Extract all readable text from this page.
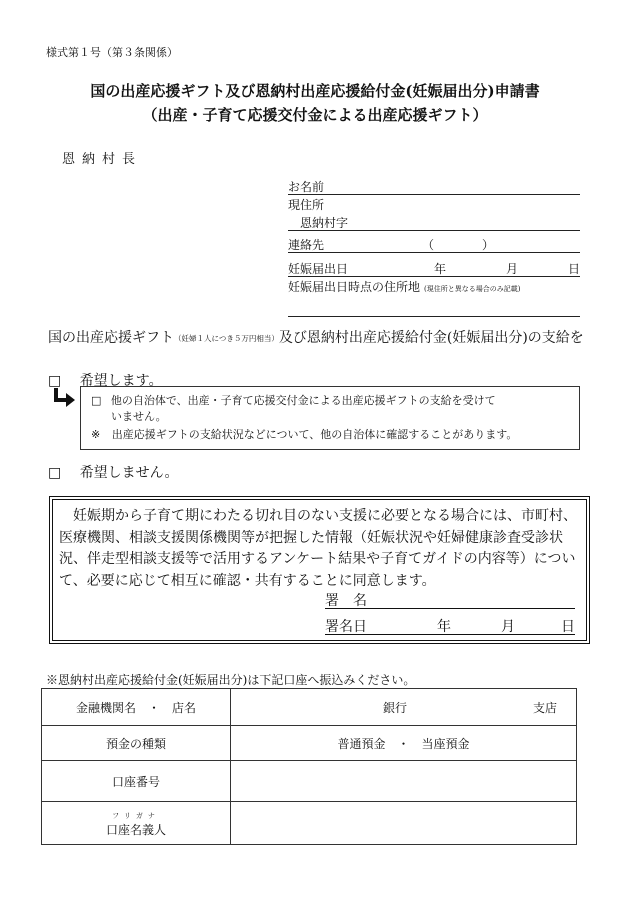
様式第１号（第３条関係）
国の出産応援ギフト及び恩納村出産応援給付金(妊娠届出分)申請書
（出産・子育て応援交付金による出産応援ギフト）
恩納村長
お名前
現住所
恩納村字
連絡先	（	）
妊娠届出日	年	月	日
妊娠届出日時点の住所地 (現住所と異なる場合のみ記載)
国の出産応援ギフト（妊婦１人につき５万円相当）及び恩納村出産応援給付金(妊娠届出分)の支給を
□ 希望します。
□ 他の自治体で、出産・子育て応援交付金による出産応援ギフトの支給を受けて
いません。
※ 出産応援ギフトの支給状況などについて、他の自治体に確認することがあります。
□ 希望しません。
妊娠期から子育て期にわたる切れ目のない支援に必要となる場合には、市町村、医療機関、相談支援関係機関等が把握した情報（妊娠状況や妊婦健康診査受診状況、伴走型相談支援等で活用するアンケート結果や子育てガイドの内容等）について、必要に応じて相互に確認・共有することに同意します。
署　名
署名日	年	月	日
※恩納村出産応援給付金(妊娠届出分)は下記口座へ振込みください。
金融機関名　・　店名	銀行 支店

預金の種類	普通預金　・　当座預金
口座番号	

フリガナ
口座名義人	
